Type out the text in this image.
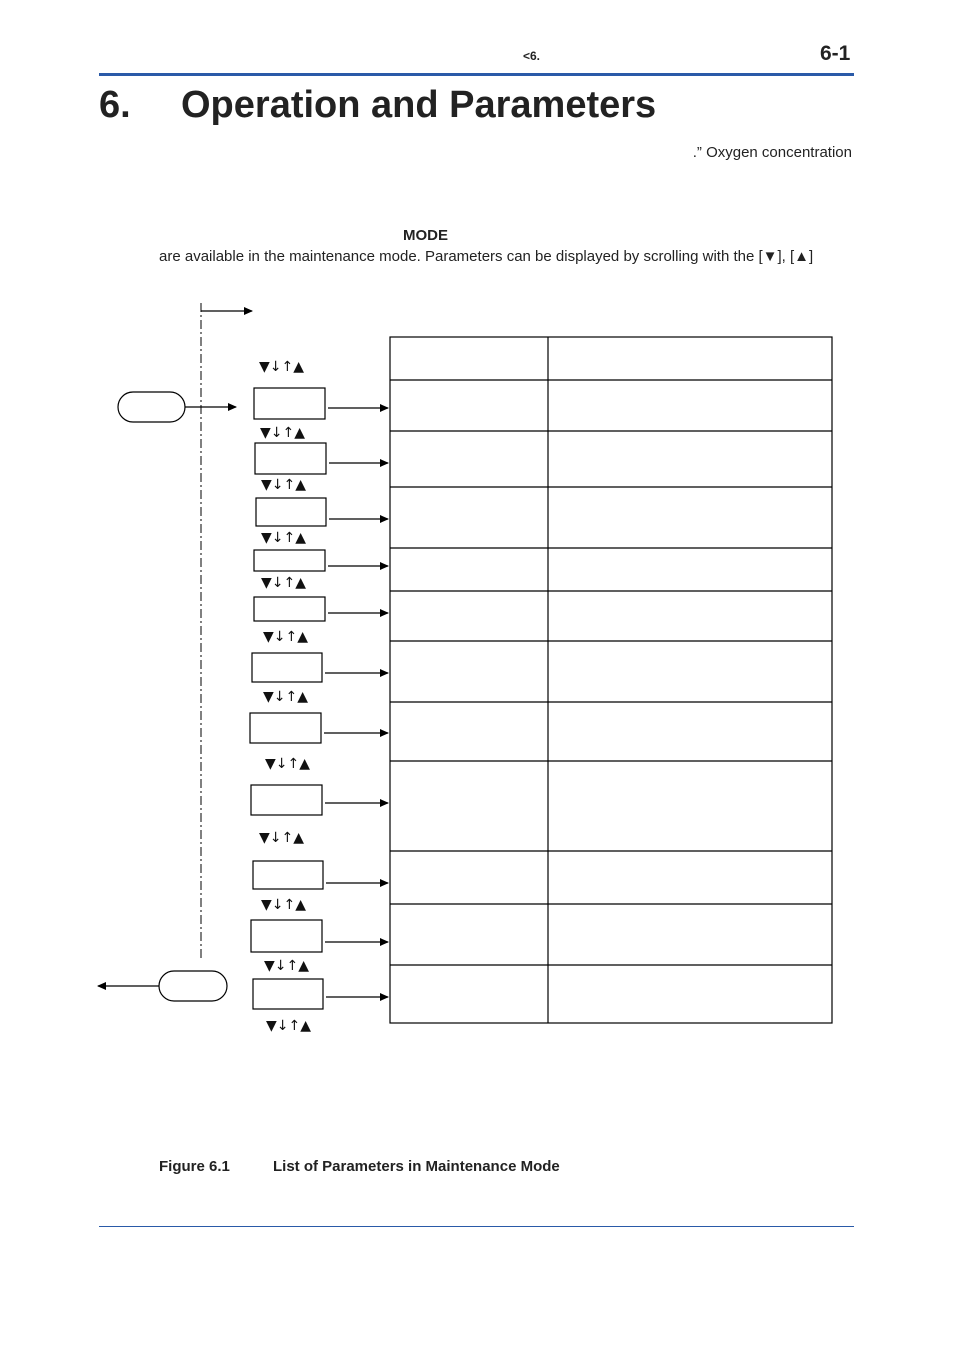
<6.	6-1
6. Operation and Parameters
.” Oxygen concentration
MODE
are available in the maintenance mode. Parameters can be displayed by scrolling with the [▼], [▲]
▼↓↑▲
▼↓↑▲
▼↓↑▲
▼↓↑▲
▼↓↑▲
▼↓↑▲
▼↓↑▲
▼↓↑▲
▼↓↑▲
▼↓↑▲
▼↓↑▲
▼↓↑▲
Figure 6.1	List of Parameters in Maintenance Mode
